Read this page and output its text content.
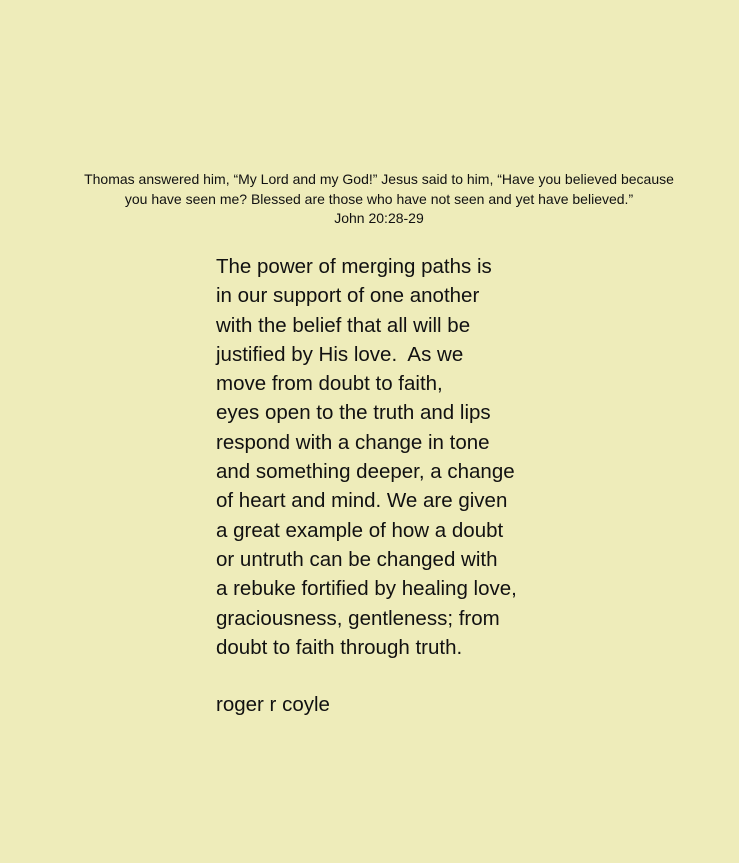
Thomas answered him, “My Lord and my God!” Jesus said to him, “Have you believed because
you have seen me? Blessed are those who have not seen and yet have believed.”
John 20:28-29
The power of merging paths is
in our support of one another
with the belief that all will be
justified by His love.  As we
move from doubt to faith,
eyes open to the truth and lips
respond with a change in tone
and something deeper, a change
of heart and mind. We are given
a great example of how a doubt
or untruth can be changed with
a rebuke fortified by healing love,
graciousness, gentleness; from
doubt to faith through truth.
roger r coyle
